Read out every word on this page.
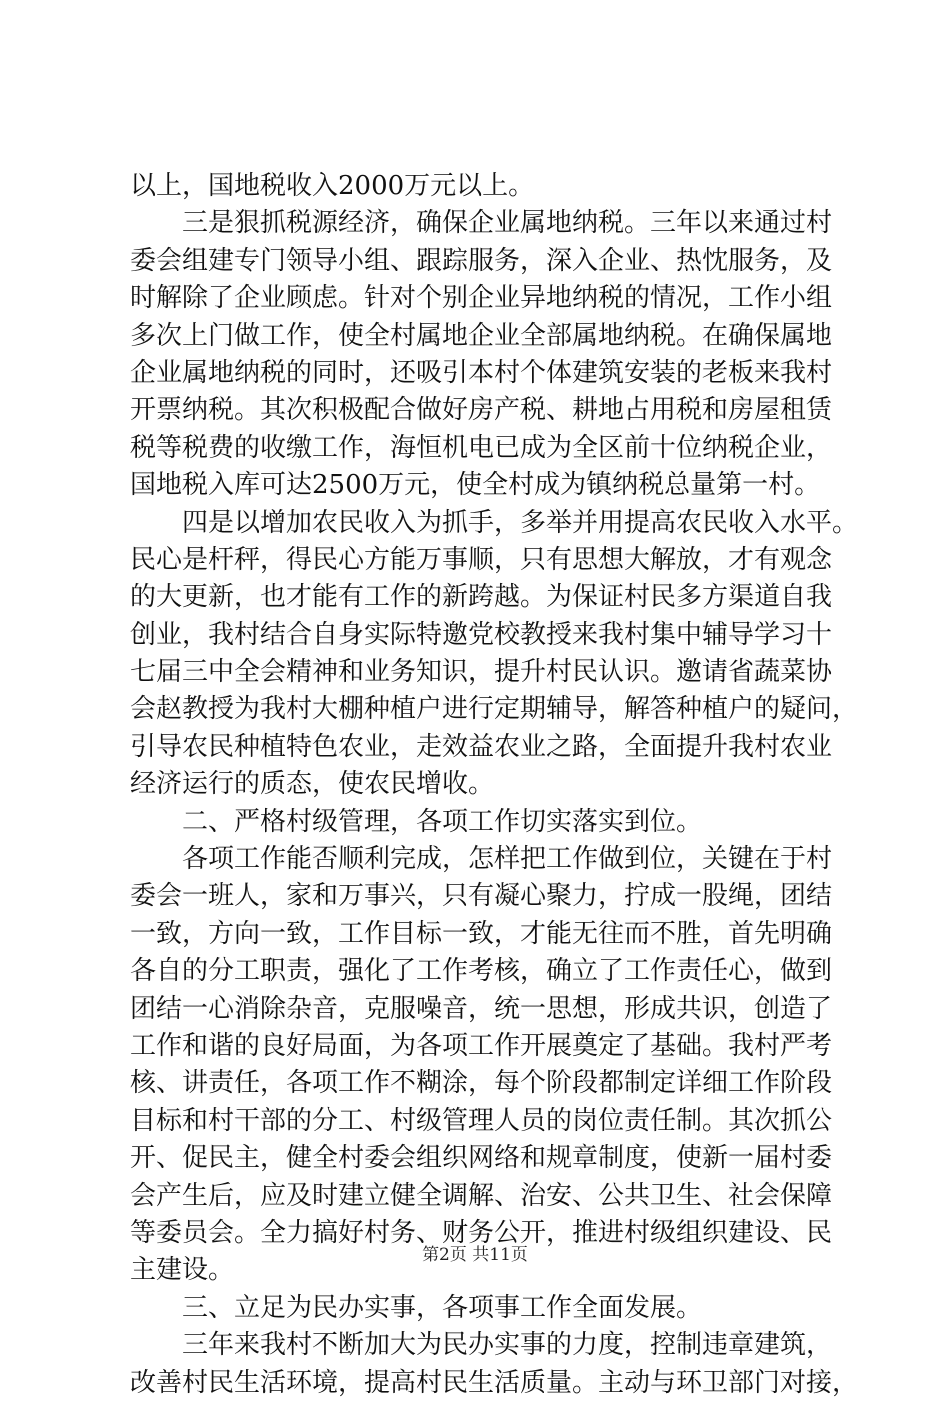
以上，国地税收入2000万元以上。
　　三是狠抓税源经济，确保企业属地纳税。三年以来通过村
委会组建专门领导小组、跟踪服务，深入企业、热忱服务，及
时解除了企业顾虑。针对个别企业异地纳税的情况，工作小组
多次上门做工作，使全村属地企业全部属地纳税。在确保属地
企业属地纳税的同时，还吸引本村个体建筑安装的老板来我村
开票纳税。其次积极配合做好房产税、耕地占用税和房屋租赁
税等税费的收缴工作，海恒机电已成为全区前十位纳税企业，
国地税入库可达2500万元，使全村成为镇纳税总量第一村。
　　四是以增加农民收入为抓手，多举并用提高农民收入水平。
民心是杆秤，得民心方能万事顺，只有思想大解放，才有观念
的大更新，也才能有工作的新跨越。为保证村民多方渠道自我
创业，我村结合自身实际特邀党校教授来我村集中辅导学习十
七届三中全会精神和业务知识，提升村民认识。邀请省蔬菜协
会赵教授为我村大棚种植户进行定期辅导，解答种植户的疑问，
引导农民种植特色农业，走效益农业之路，全面提升我村农业
经济运行的质态，使农民增收。
　　二、严格村级管理，各项工作切实落实到位。
　　各项工作能否顺利完成，怎样把工作做到位，关键在于村
委会一班人，家和万事兴，只有凝心聚力，拧成一股绳，团结
一致，方向一致，工作目标一致，才能无往而不胜，首先明确
各自的分工职责，强化了工作考核，确立了工作责任心，做到
团结一心消除杂音，克服噪音，统一思想，形成共识，创造了
工作和谐的良好局面，为各项工作开展奠定了基础。我村严考
核、讲责任，各项工作不糊涂，每个阶段都制定详细工作阶段
目标和村干部的分工、村级管理人员的岗位责任制。其次抓公
开、促民主，健全村委会组织网络和规章制度，使新一届村委
会产生后，应及时建立健全调解、治安、公共卫生、社会保障
等委员会。全力搞好村务、财务公开，推进村级组织建设、民
主建设。
　　三、立足为民办实事，各项事工作全面发展。
　　三年来我村不断加大为民办实事的力度，控制违章建筑，
改善村民生活环境，提高村民生活质量。主动与环卫部门对接，
第2页 共11页
